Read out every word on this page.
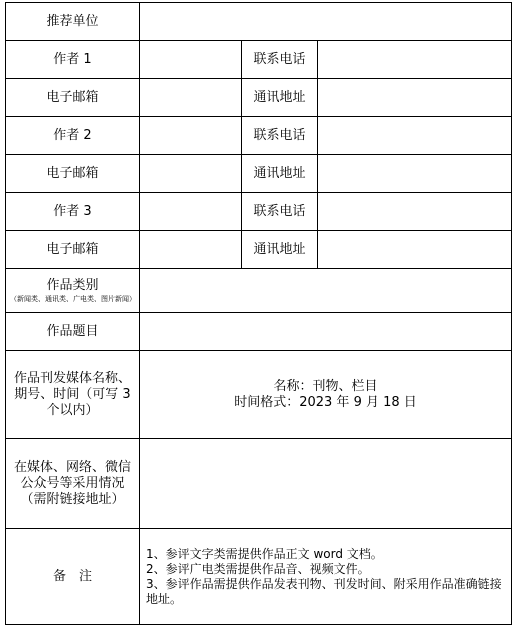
推荐单位			
作者 1		联系电话	
电子邮箱		通讯地址	
作者 2		联系电话	
电子邮箱		通讯地址	
作者 3		联系电话	
电子邮箱		通讯地址	

作品类别
（新闻类、通讯类、广电类、图片新闻）			

作品题目			
作品刊发媒体名称、期号、时间（可写 3 个以内）	名称：刊物、栏目
时间格式：2023 年 9 月 18 日		

在媒体、网络、微信公众号等采用情况（需附链接地址）			
备　注	1、参评文字类需提供作品正文 word 文档。
2、参评广电类需提供作品音、视频文件。
3、参评作品需提供作品发表刊物、刊发时间、附采用作品准确链接地址。		
